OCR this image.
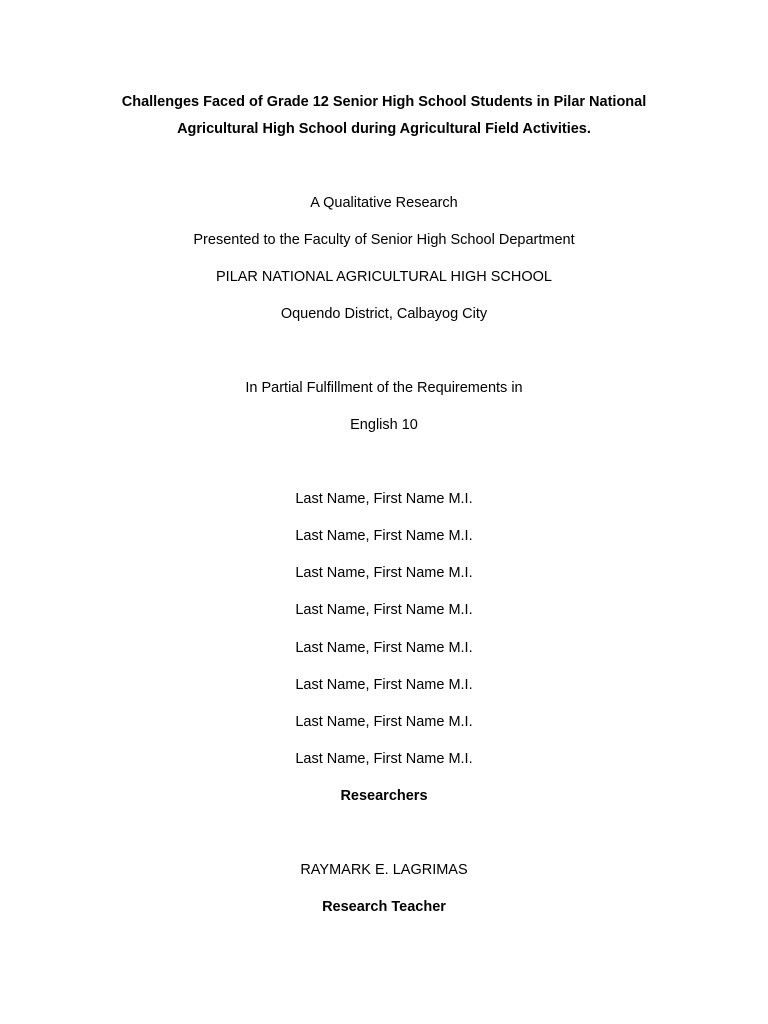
Challenges Faced of Grade 12 Senior High School Students in Pilar National
Agricultural High School during Agricultural Field Activities.
A Qualitative Research
Presented to the Faculty of Senior High School Department
PILAR NATIONAL AGRICULTURAL HIGH SCHOOL
Oquendo District, Calbayog City
In Partial Fulfillment of the Requirements in
English 10
Last Name, First Name M.I.
Last Name, First Name M.I.
Last Name, First Name M.I.
Last Name, First Name M.I.
Last Name, First Name M.I.
Last Name, First Name M.I.
Last Name, First Name M.I.
Last Name, First Name M.I.
Researchers
RAYMARK E. LAGRIMAS
Research Teacher
